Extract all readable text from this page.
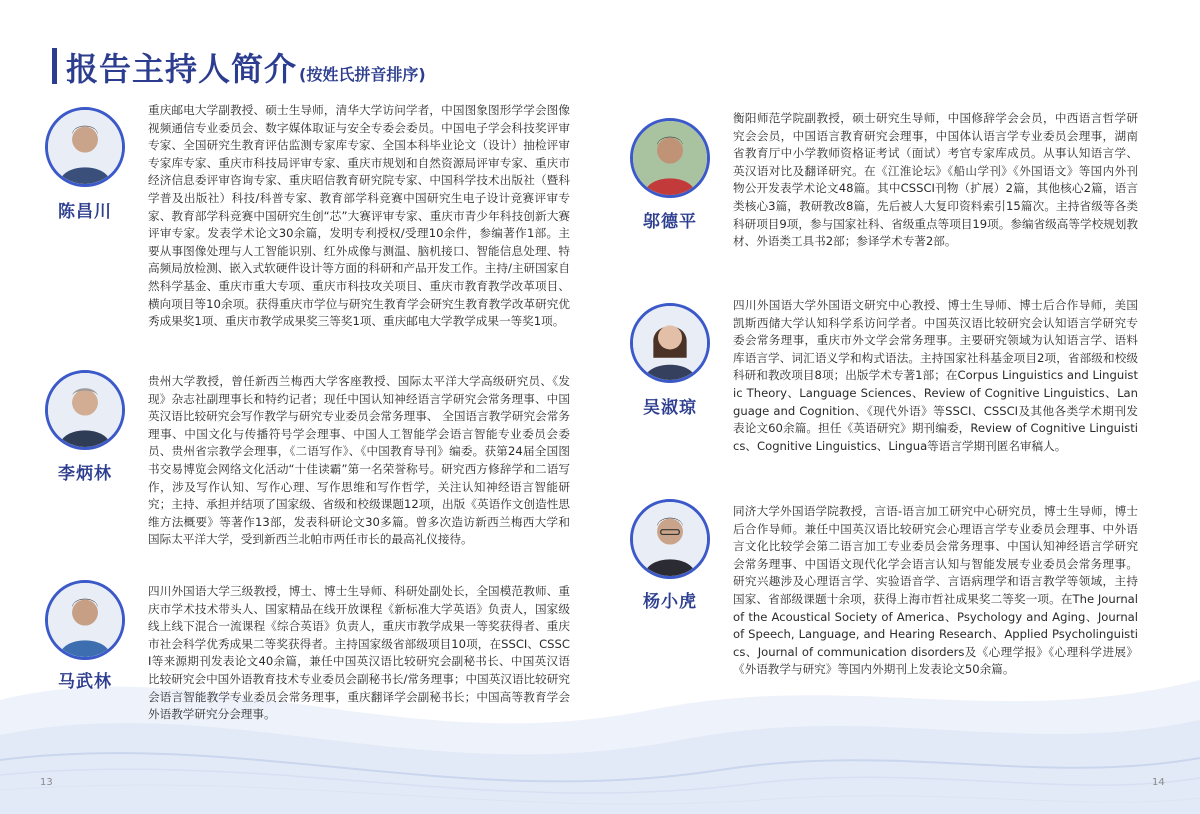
报告主持人简介 (按姓氏拼音排序)
陈昌川

重庆邮电大学副教授、硕士生导师，清华大学访问学者，中国图象图形学学会图像视频通信专业委员会、数字媒体取证与安全专委会委员。中国电子学会科技奖评审专家、全国研究生教育评估监测专家库专家、全国本科毕业论文（设计）抽检评审专家库专家、重庆市科技局评审专家、重庆市规划和自然资源局评审专家、重庆市经济信息委评审咨询专家、重庆昭信教育研究院专家、中国科学技术出版社（暨科学普及出版社）科技/科普专家、教育部学科竞赛中国研究生电子设计竞赛评审专家、教育部学科竞赛中国研究生创“芯”大赛评审专家、重庆市青少年科技创新大赛评审专家。发表学术论文30余篇，发明专利授权/受理10余件，参编著作1部。主要从事图像处理与人工智能识别、红外成像与测温、脑机接口、智能信息处理、特高频局放检测、嵌入式软硬件设计等方面的科研和产品开发工作。主持/主研国家自然科学基金、重庆市重大专项、重庆市科技攻关项目、重庆市教育教学改革项目、横向项目等10余项。获得重庆市学位与研究生教育学会研究生教育教学改革研究优秀成果奖1项、重庆市教学成果奖三等奖1项、重庆邮电大学教学成果一等奖1项。

李炳林

贵州大学教授，曾任新西兰梅西大学客座教授、国际太平洋大学高级研究员、《发现》杂志社副理事长和特约记者；现任中国认知神经语言学研究会常务理事、中国英汉语比较研究会写作教学与研究专业委员会常务理事、 全国语言教学研究会常务理事、中国文化与传播符号学会理事、中国人工智能学会语言智能专业委员会委员、贵州省宗教学会理事，《二语写作》、《中国教育导刊》编委。获第24届全国图书交易博览会网络文化活动“十佳读霸”第一名荣誉称号。研究西方修辞学和二语写作，涉及写作认知、写作心理、写作思维和写作哲学，关注认知神经语言智能研究；主持、承担并结项了国家级、省级和校级课题12项，出版《英语作文创造性思维方法概要》等著作13部，发表科研论文30多篇。曾多次造访新西兰梅西大学和国际太平洋大学，受到新西兰北帕市两任市长的最高礼仪接待。

马武林

四川外国语大学三级教授，博士、博士生导师、科研处副处长，全国模范教师、重庆市学术技术带头人、国家精品在线开放课程《新标准大学英语》负责人，国家级线上线下混合一流课程《综合英语》负责人，重庆市教学成果一等奖获得者、重庆市社会科学优秀成果二等奖获得者。主持国家级省部级项目10项，在SSCI、CSSCI等来源期刊发表论文40余篇，兼任中国英汉语比较研究会副秘书长、中国英汉语比较研究会中国外语教育技术专业委员会副秘书长/常务理事；中国英汉语比较研究会语言智能教学专业委员会常务理事，重庆翻译学会副秘书长；中国高等教育学会外语教学研究分会理事。

邬德平

衡阳师范学院副教授，硕士研究生导师，中国修辞学会会员，中西语言哲学研究会会员，中国语言教育研究会理事，中国体认语言学专业委员会理事，湖南省教育厅中小学教师资格证考试（面试）考官专家库成员。从事认知语言学、英汉语对比及翻译研究。在《江淮论坛》《船山学刊》《外国语文》等国内外刊物公开发表学术论文48篇。其中CSSCI刊物（扩展）2篇，其他核心2篇，语言类核心3篇，教研教改8篇，先后被人大复印资料索引15篇次。主持省级等各类科研项目9项，参与国家社科、省级重点等项目19项。参编省级高等学校规划教材、外语类工具书2部；参译学术专著2部。

吴淑琼

四川外国语大学外国语文研究中心教授、博士生导师、博士后合作导师，美国凯斯西储大学认知科学系访问学者。中国英汉语比较研究会认知语言学研究专委会常务理事，重庆市外文学会常务理事。主要研究领域为认知语言学、语料库语言学、词汇语义学和构式语法。主持国家社科基金项目2项，省部级和校级科研和教改项目8项；出版学术专著1部；在Corpus Linguistics and Linguistic Theory、Language Sciences、Review of Cognitive Linguistics、Language and Cognition、《现代外语》等SSCI、CSSCI及其他各类学术期刊发表论文60余篇。担任《英语研究》期刊编委，Review of Cognitive Linguistics、Cognitive Linguistics、Lingua等语言学期刊匿名审稿人。

杨小虎

同济大学外国语学院教授，言语-语言加工研究中心研究员，博士生导师，博士后合作导师。兼任中国英汉语比较研究会心理语言学专业委员会理事、中外语言文化比较学会第二语言加工专业委员会常务理事、中国认知神经语言学研究会常务理事、中国语文现代化学会语言认知与智能发展专业委员会常务理事。研究兴趣涉及心理语言学、实验语音学、言语病理学和语言教学等领域，主持国家、省部级课题十余项，获得上海市哲社成果奖二等奖一项。在The Journal of the Acoustical Society of America、Psychology and Aging、Journal of Speech, Language, and Hearing Research、Applied Psycholinguistics、Journal of communication disorders及《心理学报》《心理科学进展》《外语教学与研究》等国内外期刊上发表论文50余篇。

13	14
